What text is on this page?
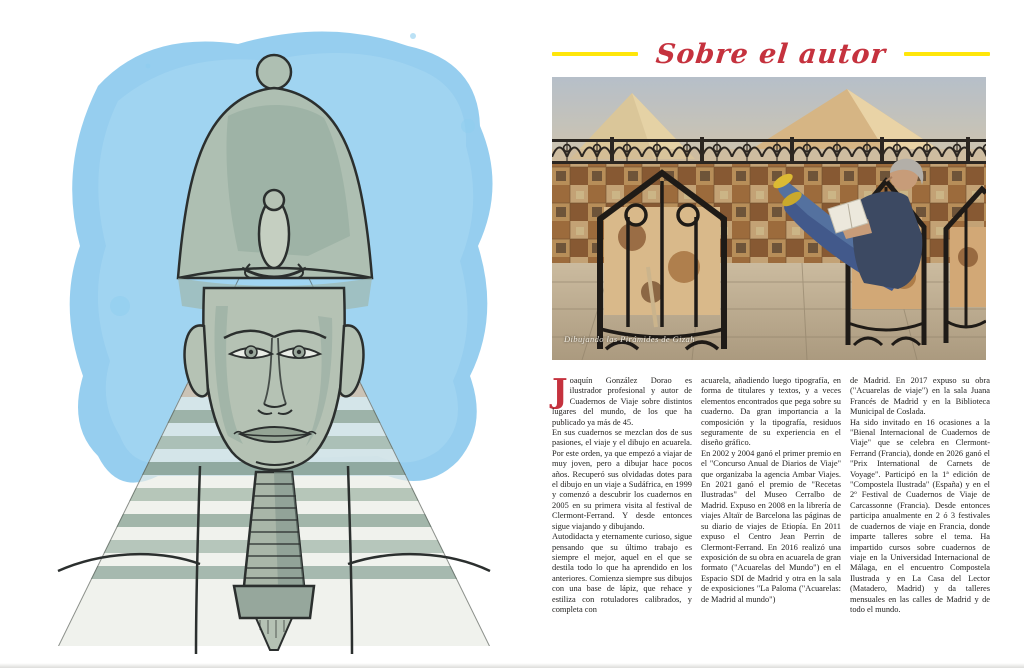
Sobre el autor
Dibujando las Pirámides de Gizah

Joaquín González Dorao es ilustrador profesional y autor de Cuadernos de Viaje sobre distintos lugares del mundo, de los que ha publicado ya más de 45.

En sus cuadernos se mezclan dos de sus pasiones, el viaje y el dibujo en acuarela. Por este orden, ya que empezó a viajar de muy joven, pero a dibujar hace pocos años. Recuperó sus olvidadas dotes para el dibujo en un viaje a Sudáfrica, en 1999 y comenzó a descubrir los cuadernos en 2005 en su primera visita al festival de Clermont-Ferrand. Y desde entonces sigue viajando y dibujando.

Autodidacta y eternamente curioso, sigue pensando que su último trabajo es siempre el mejor, aquel en el que se destila todo lo que ha aprendido en los anteriores. Comienza siempre sus dibujos con una base de lápiz, que rehace y estiliza con rotuladores calibrados, y completa con

acuarela, añadiendo luego tipografía, en forma de titulares y textos, y a veces elementos encontrados que pega sobre su cuaderno. Da gran importancia a la composición y la tipografía, residuos seguramente de su experiencia en el diseño gráfico.

En 2002 y 2004 ganó el primer premio en el "Concurso Anual de Diarios de Viaje" que organizaba la agencia Ambar Viajes. En 2021 ganó el premio de "Recetas Ilustradas" del Museo Cerralbo de Madrid. Expuso en 2008 en la librería de viajes Altaïr de Barcelona las páginas de su diario de viajes de Etiopía. En 2011 expuso el Centro Jean Perrin de Clermont-Ferrand. En 2016 realizó una exposición de su obra en acuarela de gran formato ("Acuarelas del Mundo") en el Espacio SDI de Madrid y otra en la sala de exposiciones "La Paloma ("Acuarelas: de Madrid al mundo")

de Madrid. En 2017 expuso su obra ("Acuarelas de viaje") en la sala Juana Francés de Madrid y en la Biblioteca Municipal de Coslada.

Ha sido invitado en 16 ocasiones a la "Bienal Internacional de Cuadernos de Viaje" que se celebra en Clermont-Ferrand (Francia), donde en 2026 ganó el "Prix International de Carnets de Voyage". Participó en la 1ª edición de "Compostela Ilustrada" (España) y en el 2º Festival de Cuadernos de Viaje de Carcassonne (Francia). Desde entonces participa anualmente en 2 ó 3 festivales de cuadernos de viaje en Francia, donde imparte talleres sobre el tema. Ha impartido cursos sobre cuadernos de viaje en la Universidad Internacional de Málaga, en el encuentro Compostela Ilustrada y en La Casa del Lector (Matadero, Madrid) y da talleres mensuales en las calles de Madrid y de todo el mundo.
